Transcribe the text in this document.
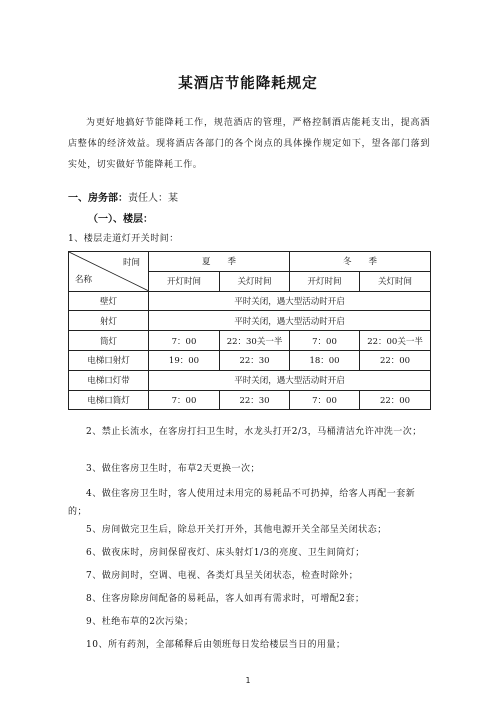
某酒店节能降耗规定
为更好地搞好节能降耗工作，规范酒店的管理，严格控制酒店能耗支出，提高酒店整体的经济效益。现将酒店各部门的各个岗点的具体操作规定如下，望各部门落到实处，切实做好节能降耗工作。
一、房务部：责任人：某
（一）、楼层：
1、楼层走道灯开关时间：
时间
名称	夏　　季		冬　　季	
	开灯时间	关灯时间	开灯时间	关灯时间
壁灯	平时关闭，遇大型活动时开启			
射灯	平时关闭，遇大型活动时开启			
筒灯	7：00	22：30关一半	7：00	22：00关一半
电梯口射灯	19：00	22：30	18：00	22：00
电梯口灯带	平时关闭，遇大型活动时开启			
电梯口筒灯	7：00	22：30	7：00	22：00
2、禁止长流水，在客房打扫卫生时，水龙头打开2/3，马桶清洁允许冲洗一次；
3、做住客房卫生时，布草2天更换一次；
4、做住客房卫生时，客人使用过未用完的易耗品不可扔掉，给客人再配一套新的；
5、房间做完卫生后，除总开关打开外，其他电源开关全部呈关闭状态；
6、做夜床时，房间保留夜灯、床头射灯1/3的亮度、卫生间筒灯；
7、做房间时，空调、电视、各类灯具呈关闭状态，检查时除外；
8、住客房除房间配备的易耗品，客人如再有需求时，可增配2套；
9、杜绝布草的2次污染；
10、所有药剂，全部稀释后由领班每日发给楼层当日的用量；
1
